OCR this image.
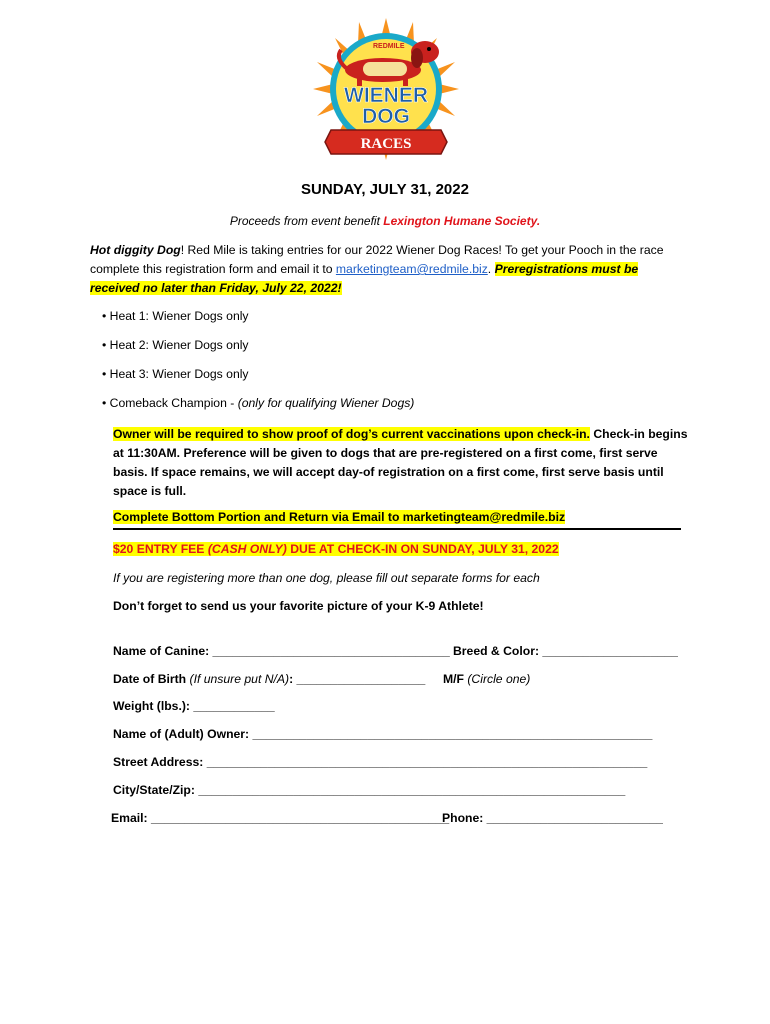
REDMILE
WIENER
DOG
RACES
SUNDAY, JULY 31, 2022
Proceeds from event benefit Lexington Humane Society.
Hot diggity Dog! Red Mile is taking entries for our 2022 Wiener Dog Races! To get your Pooch in the race complete this registration form and email it to marketingteam@redmile.biz. Preregistrations must be received no later than Friday, July 22, 2022!
• Heat 1: Wiener Dogs only
• Heat 2: Wiener Dogs only
• Heat 3: Wiener Dogs only
• Comeback Champion - (only for qualifying Wiener Dogs)
Owner will be required to show proof of dog’s current vaccinations upon check-in. Check-in begins at 11:30AM. Preference will be given to dogs that are pre-registered on a first come, first serve basis. If space remains, we will accept day-of registration on a first come, first serve basis until space is full.
Complete Bottom Portion and Return via Email to marketingteam@redmile.biz
$20 ENTRY FEE (CASH ONLY) DUE AT CHECK-IN ON SUNDAY, JULY 31, 2022
If you are registering more than one dog, please fill out separate forms for each
Don’t forget to send us your favorite picture of your K-9 Athlete!
Name of Canine: ___________________________________ Breed & Color: ____________________
Date of Birth (If unsure put N/A): ___________________ M/F (Circle one)
Weight (lbs.): ____________
Name of (Adult) Owner: ___________________________________________________________
Street Address: _________________________________________________________________
City/State/Zip: _______________________________________________________________
Email: ____________________________________________
Phone: __________________________
